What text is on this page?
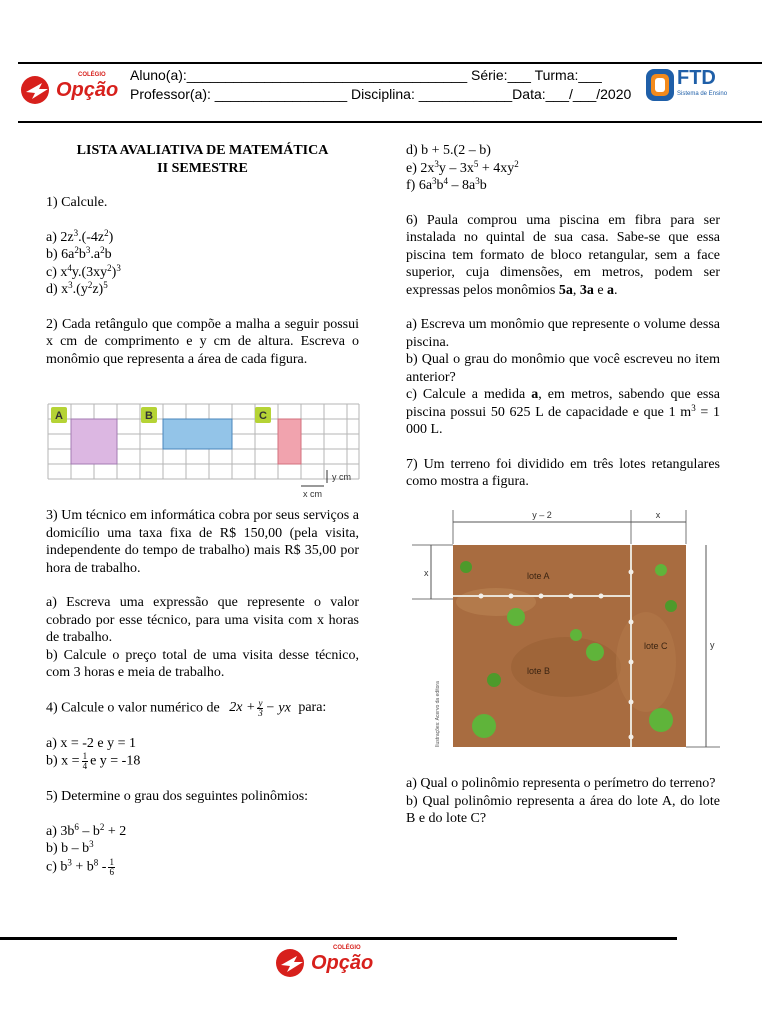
COLÉGIO
Opção
Aluno(a):____________________________________ Série:___ Turma:___
Professor(a): _________________ Disciplina: ____________Data:___/___/2020
FTD
Sistema de Ensino

LISTA AVALIATIVA DE MATEMÁTICA

II SEMESTRE

1) Calcule.

a) $2z^3.(-4z^2)$

b) $6a^2b^3.a^2b$

c) $x^4y.(3xy^2)^3$

d) $x^3.(y^2z)^5$

2) Cada retângulo que compõe a malha a seguir possui x cm de comprimento e y cm de altura. Escreva o monômio que representa a área de cada figura.

A	B	C
y cm
x cm

3) Um técnico em informática cobra por seus serviços a domicílio uma taxa fixa de R$ 150,00 (pela visita, independente do tempo de trabalho) mais R$ 35,00 por hora de trabalho.

a) Escreva uma expressão que represente o valor cobrado por esse técnico, para uma visita com x horas de trabalho.

b) Calcule o preço total de uma visita desse técnico, com 3 horas e meia de trabalho.

4) Calcule o valor numérico de $2x + \frac{y}{3}$ − yx para:

a) x = -2 e y = 1

b) $x = \frac{1}{4}$ e y = -18

5) Determine o grau dos seguintes polinômios:

a) $3b^6 - b^2 + 2$

b) b – $b^3$

c) $b^3 + b^8 - \frac{1}{6}$

d) b + 5.(2 – b)

e) $2x^3y - 3x^5 + 4xy^2$

f) $6a^3b^4 - 8a^3b$

6) Paula comprou uma piscina em fibra para ser instalada no quintal de sua casa. Sabe-se que essa piscina tem formato de bloco retangular, sem a face superior, cuja dimensões, em metros, podem ser expressas pelos monômios 5a, 3a e a.

a) Escreva um monômio que represente o volume dessa piscina.

b) Qual o grau do monômio que você escreveu no item anterior?

c) Calcule a medida a, em metros, sabendo que essa piscina possui 50 625 L de capacidade e que 1 $m^3 = 1$ 000 L.

7) Um terreno foi dividido em três lotes retangulares como mostra a figura.

y – 2	x
x
y
lote A
lote B
lote C
Ilustrações: Acervo da editora

a) Qual o polinômio representa o perímetro do terreno?

b) Qual polinômio representa a área do lote A, do lote B e do lote C?

COLÉGIO
Opção
